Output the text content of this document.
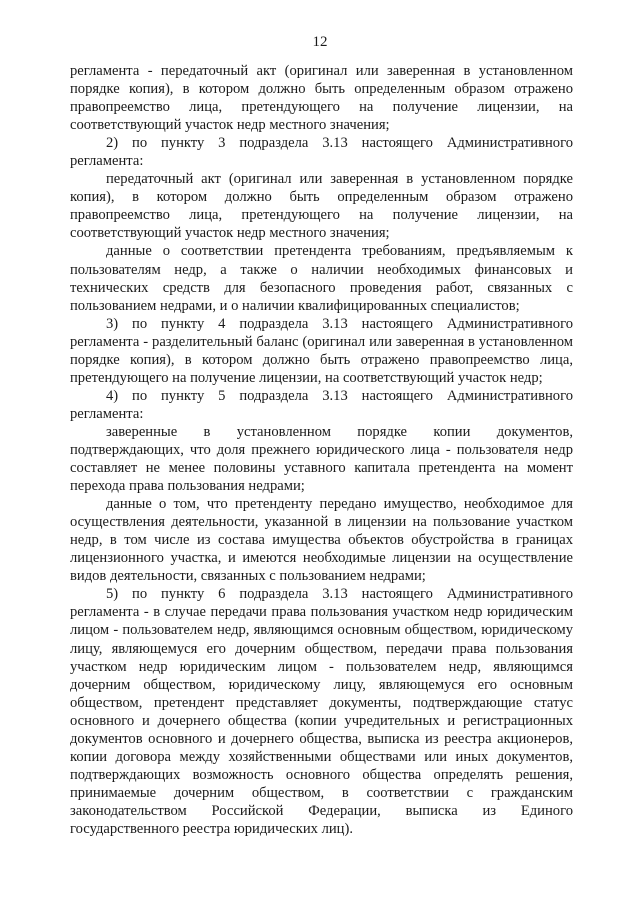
12

регламента - передаточный акт (оригинал или заверенная в установленном порядке копия), в котором должно быть определенным образом отражено правопреемство лица, претендующего на получение лицензии, на соответствующий участок недр местного значения;

2) по пункту 3 подраздела 3.13 настоящего Административного регламента:

передаточный акт (оригинал или заверенная в установленном порядке копия), в котором должно быть определенным образом отражено правопреемство лица, претендующего на получение лицензии, на соответствующий участок недр местного значения;

данные о соответствии претендента требованиям, предъявляемым к пользователям недр, а также о наличии необходимых финансовых и технических средств для безопасного проведения работ, связанных с пользованием недрами, и о наличии квалифицированных специалистов;

3) по пункту 4 подраздела 3.13 настоящего Административного регламента - разделительный баланс (оригинал или заверенная в установленном порядке копия), в котором должно быть отражено правопреемство лица, претендующего на получение лицензии, на соответствующий участок недр;

4) по пункту 5 подраздела 3.13 настоящего Административного регламента:

заверенные в установленном порядке копии документов, подтверждающих, что доля прежнего юридического лица - пользователя недр составляет не менее половины уставного капитала претендента на момент перехода права пользования недрами;

данные о том, что претенденту передано имущество, необходимое для осуществления деятельности, указанной в лицензии на пользование участком недр, в том числе из состава имущества объектов обустройства в границах лицензионного участка, и имеются необходимые лицензии на осуществление видов деятельности, связанных с пользованием недрами;

5) по пункту 6 подраздела 3.13 настоящего Административного регламента - в случае передачи права пользования участком недр юридическим лицом - пользователем недр, являющимся основным обществом, юридическому лицу, являющемуся его дочерним обществом, передачи права пользования участком недр юридическим лицом - пользователем недр, являющимся дочерним обществом, юридическому лицу, являющемуся его основным обществом, претендент представляет документы, подтверждающие статус основного и дочернего общества (копии учредительных и регистрационных документов основного и дочернего общества, выписка из реестра акционеров, копии договора между хозяйственными обществами или иных документов, подтверждающих возможность основного общества определять решения, принимаемые дочерним обществом, в соответствии с гражданским законодательством Российской Федерации, выписка из Единого государственного реестра юридических лиц).
